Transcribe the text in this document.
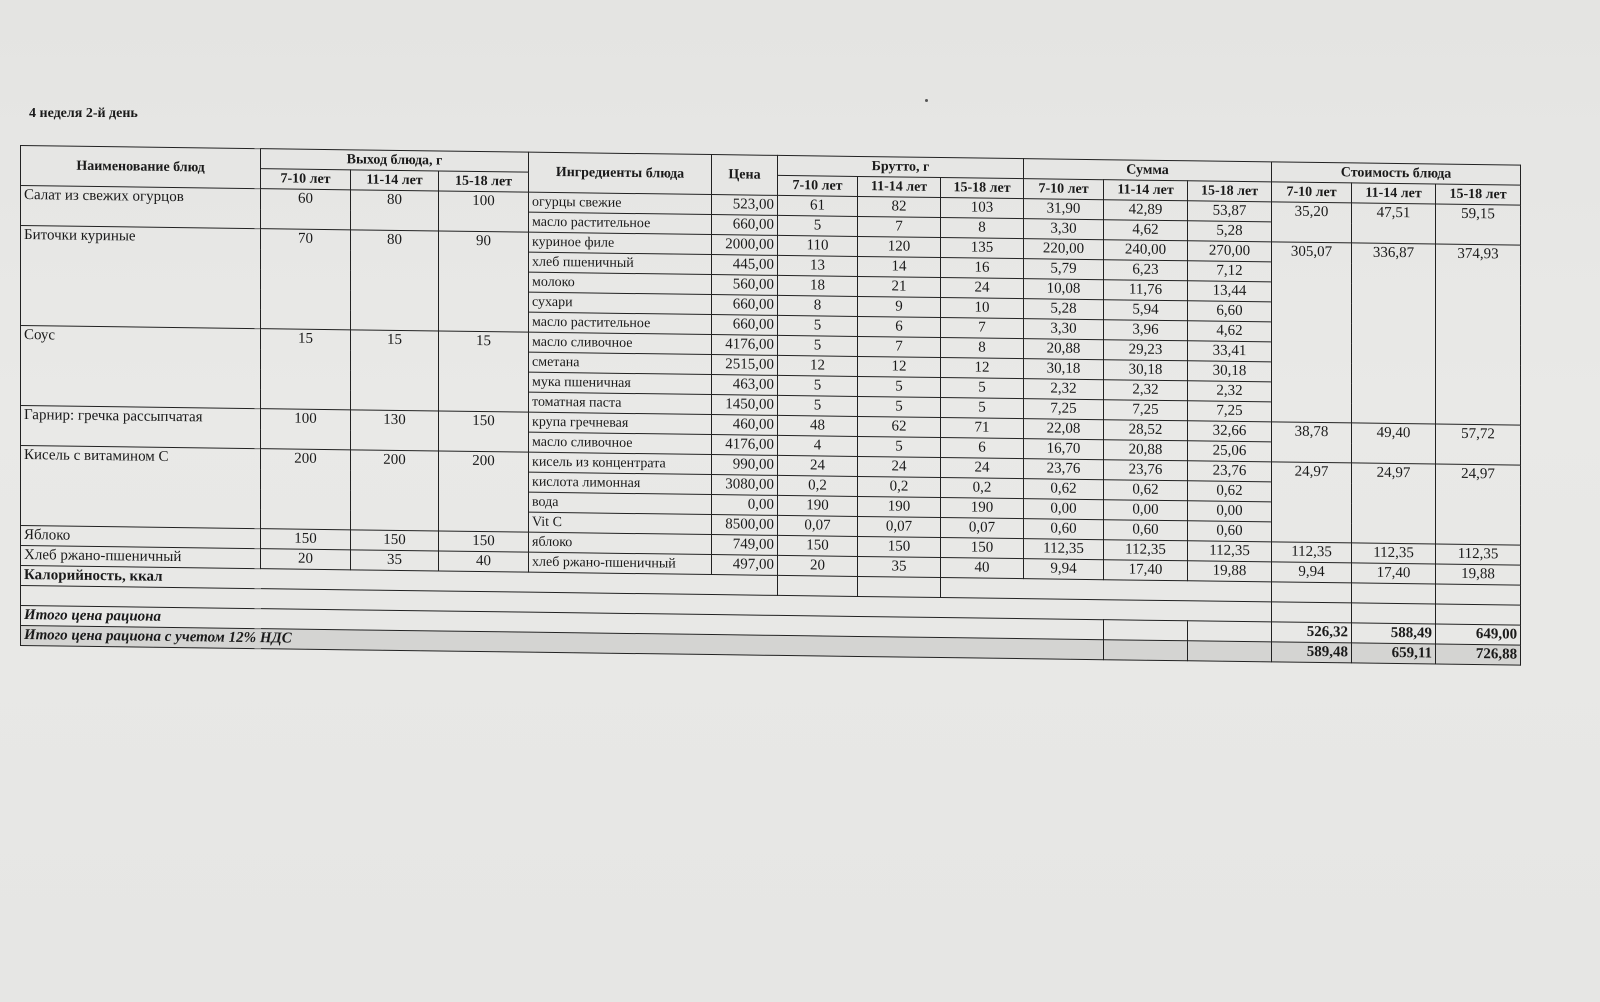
4 неделя 2-й день
Наименование блюд	Выход блюда, г			Ингредиенты блюда	Цена	Брутто, г			Сумма			Стоимость блюда		
	7-10 лет	11-14 лет	15-18 лет			7-10 лет	11-14 лет	15-18 лет	7-10 лет	11-14 лет	15-18 лет	7-10 лет	11-14 лет	15-18 лет
Салат из свежих огурцов	60	80	100	огурцы свежие	523,00	61	82	103	31,90	42,89	53,87	35,20	47,51	59,15
				масло растительное	660,00	5	7	8	3,30	4,62	5,28			
Биточки куриные	70	80	90	куриное филе	2000,00	110	120	135	220,00	240,00	270,00	305,07	336,87	374,93
				хлеб пшеничный	445,00	13	14	16	5,79	6,23	7,12			
				молоко	560,00	18	21	24	10,08	11,76	13,44			
				сухари	660,00	8	9	10	5,28	5,94	6,60			
				масло растительное	660,00	5	6	7	3,30	3,96	4,62			
Соус	15	15	15	масло сливочное	4176,00	5	7	8	20,88	29,23	33,41			
				сметана	2515,00	12	12	12	30,18	30,18	30,18			
				мука пшеничная	463,00	5	5	5	2,32	2,32	2,32			
				томатная паста	1450,00	5	5	5	7,25	7,25	7,25			
Гарнир: гречка рассыпчатая	100	130	150	крупа гречневая	460,00	48	62	71	22,08	28,52	32,66	38,78	49,40	57,72
				масло сливочное	4176,00	4	5	6	16,70	20,88	25,06			
Кисель с витамином С	200	200	200	кисель из концентрата	990,00	24	24	24	23,76	23,76	23,76	24,97	24,97	24,97
				кислота лимонная	3080,00	0,2	0,2	0,2	0,62	0,62	0,62			
				вода	0,00	190	190	190	0,00	0,00	0,00			
				Vit C	8500,00	0,07	0,07	0,07	0,60	0,60	0,60			
Яблоко	150	150	150	яблоко	749,00	150	150	150	112,35	112,35	112,35	112,35	112,35	112,35
Хлеб ржано-пшеничный	20	35	40	хлеб ржано-пшеничный	497,00	20	35	40	9,94	17,40	19,88	9,94	17,40	19,88
Калорийность, ккал														

Итого цена рациона												526,32	588,49	649,00
Итого цена рациона с учетом 12% НДС												589,48	659,11	726,88
